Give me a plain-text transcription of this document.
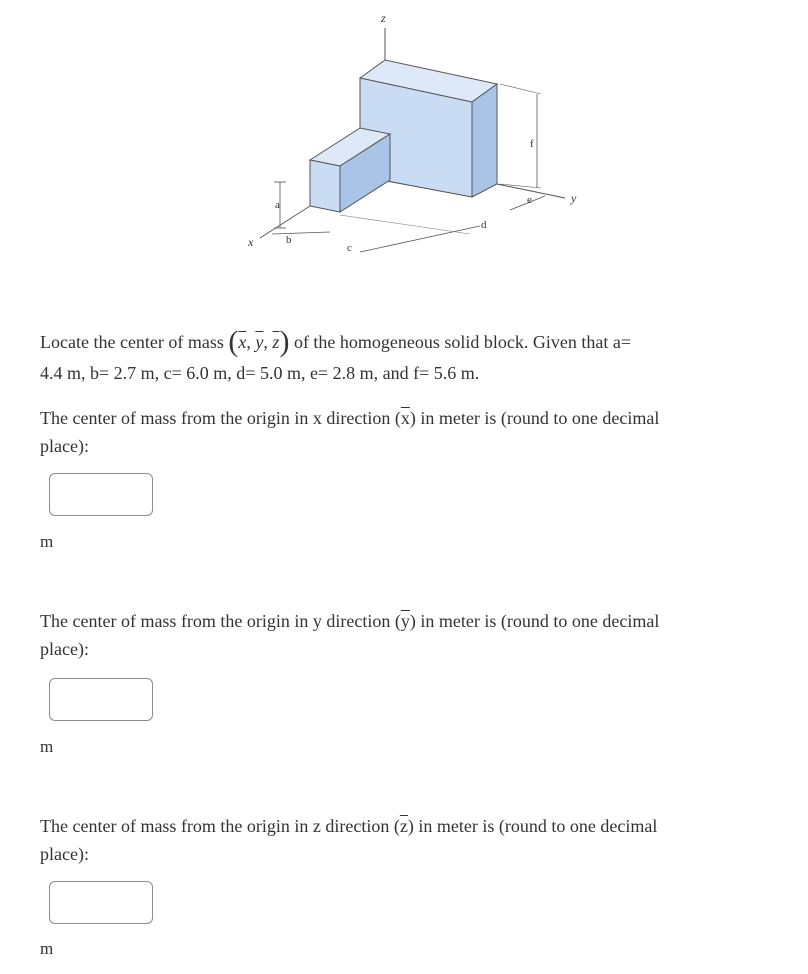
z
y
x
a
b
c
d
e
f
Locate the center of mass ($\overline{x}$, $\overline{y}$, $\overline{z}$) of the homogeneous solid block. Given that a=
4.4 m, b= 2.7 m, c= 6.0 m, d= 5.0 m, e= 2.8 m, and f= 5.6 m.
The center of mass from the origin in x direction $(\overline{x})$ in meter is (round to one decimal
place):
m
The center of mass from the origin in y direction $(\overline{y})$ in meter is (round to one decimal
place):
m
The center of mass from the origin in z direction $(\overline{z})$ in meter is (round to one decimal
place):
m
